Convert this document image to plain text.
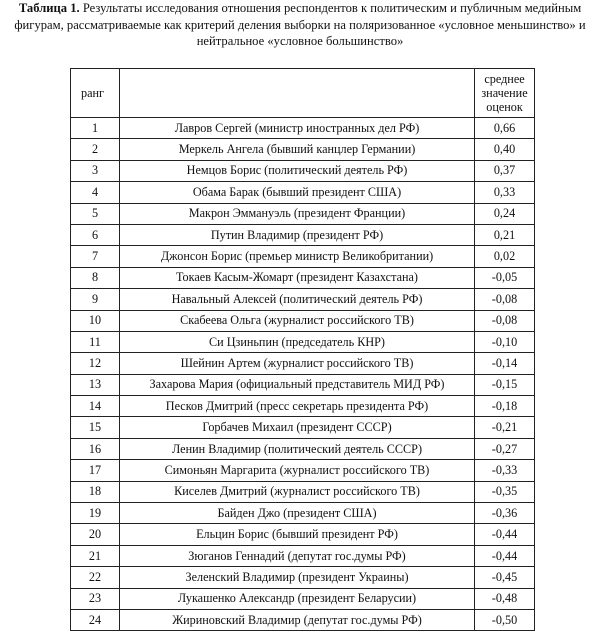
Таблица 1. Результаты исследования отношения респондентов к политическим и публичным медийным
фигурам, рассматриваемые как критерий деления выборки на поляризованное «условное меньшинство» и
нейтральное «условное большинство»
ранг		среднее
значение
оценок

1	Лавров Сергей (министр иностранных дел РФ)	0,66
2	Меркель Ангела (бывший канцлер Германии)	0,40
3	Немцов Борис (политический деятель РФ)	0,37
4	Обама Барак (бывший президент США)	0,33
5	Макрон Эммануэль (президент Франции)	0,24
6	Путин Владимир (президент РФ)	0,21
7	Джонсон Борис (премьер министр Великобритании)	0,02
8	Токаев Касым-Жомарт (президент Казахстана)	-0,05
9	Навальный Алексей (политический деятель РФ)	-0,08
10	Скабеева Ольга (журналист российского ТВ)	-0,08
11	Си Цзиньпин (председатель КНР)	-0,10
12	Шейнин Артем (журналист российского ТВ)	-0,14
13	Захарова Мария (официальный представитель МИД РФ)	-0,15
14	Песков Дмитрий (пресс секретарь президента РФ)	-0,18
15	Горбачев Михаил (президент СССР)	-0,21
16	Ленин Владимир (политический деятель СССР)	-0,27
17	Симоньян Маргарита (журналист российского ТВ)	-0,33
18	Киселев Дмитрий (журналист российского ТВ)	-0,35
19	Байден Джо (президент США)	-0,36
20	Ельцин Борис (бывший президент РФ)	-0,44
21	Зюганов Геннадий (депутат гос.думы РФ)	-0,44
22	Зеленский Владимир (президент Украины)	-0,45
23	Лукашенко Александр (президент Беларусии)	-0,48
24	Жириновский Владимир (депутат гос.думы РФ)	-0,50
